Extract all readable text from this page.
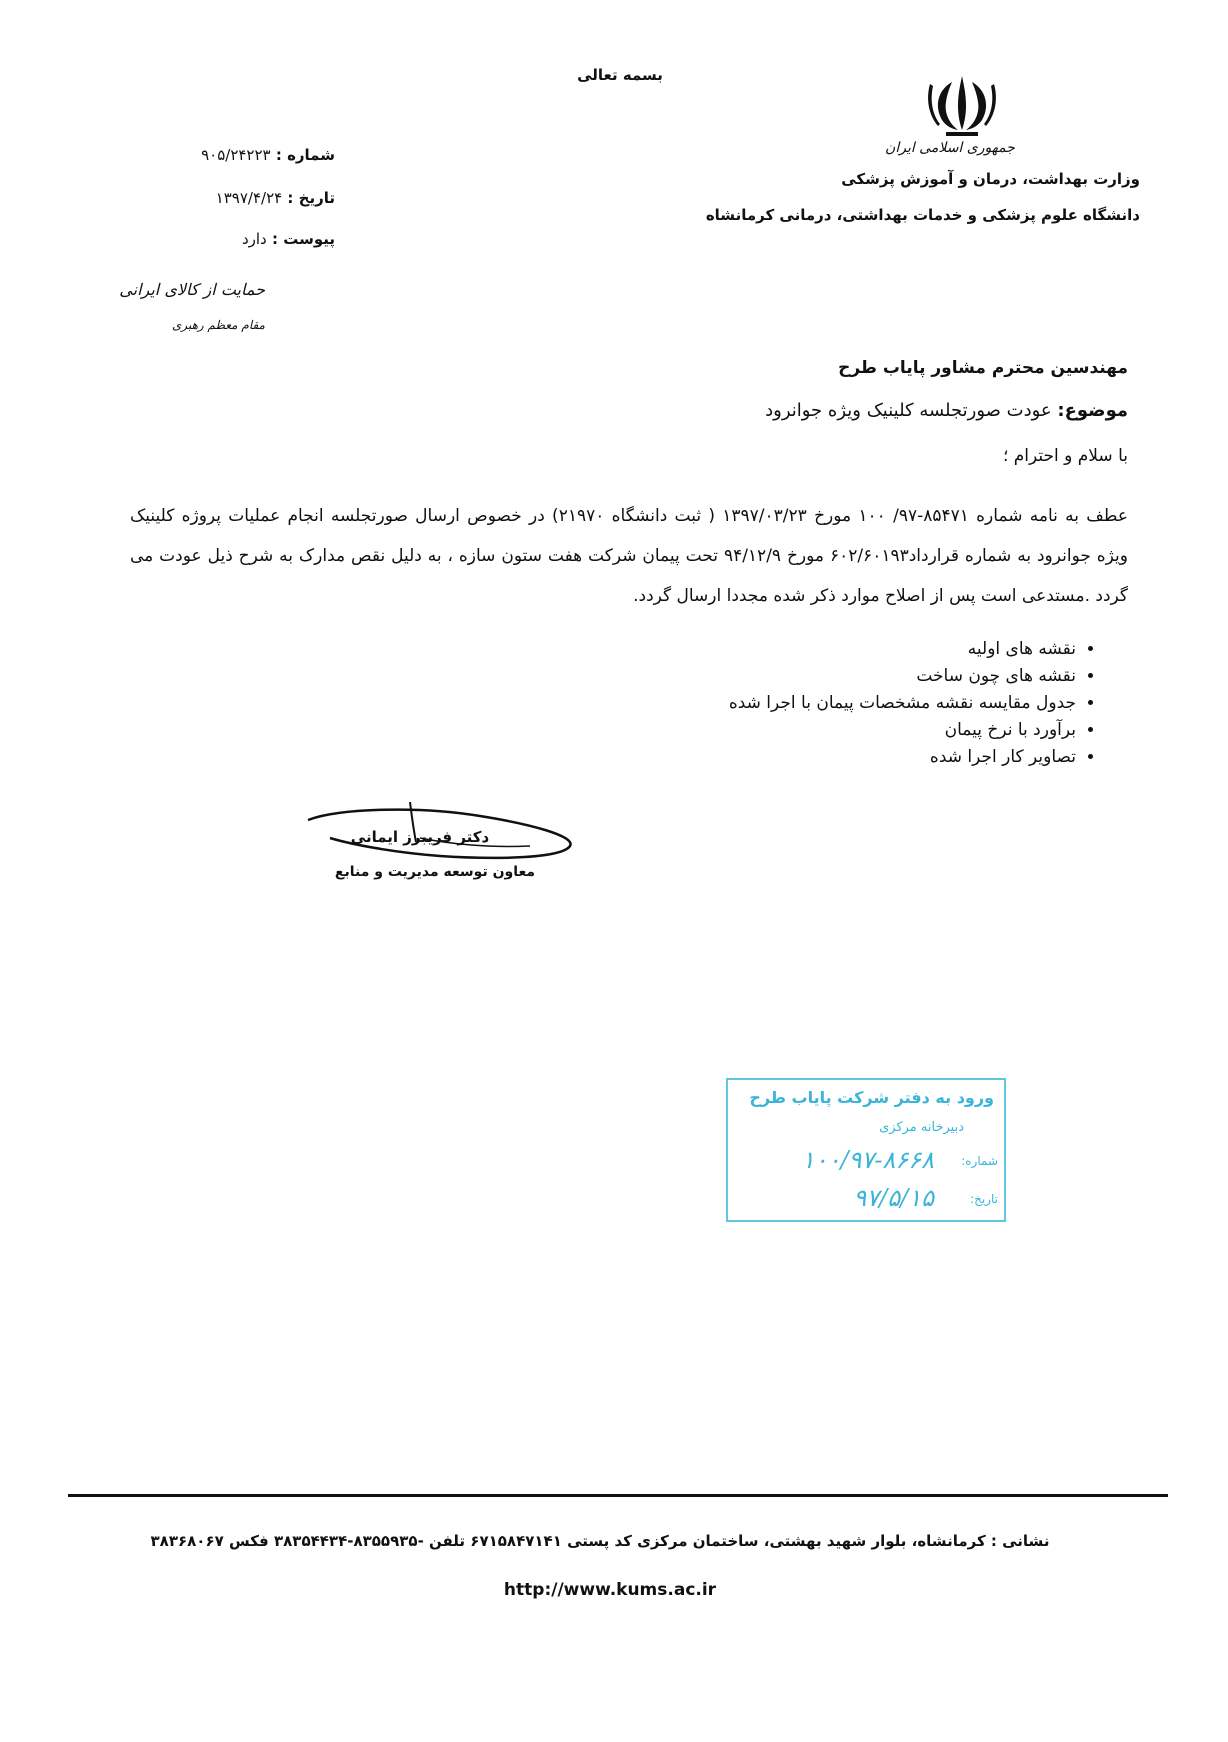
بسمه تعالی
جمهوری اسلامی ایران
وزارت بهداشت، درمان و آموزش پزشکی
دانشگاه علوم پزشکی و خدمات بهداشتی، درمانی کرمانشاه
شماره : ۹۰۵/۲۴۲۲۳
تاریخ : ۱۳۹۷/۴/۲۴
پیوست : دارد
حمایت از کالای ایرانی
مقام معظم رهبری
مهندسین محترم مشاور پایاب طرح
موضوع: عودت صورتجلسه کلینیک ویژه جوانرود
با سلام و احترام ؛
عطف به نامه شماره ۸۵۴۷۱-۹۷/ ۱۰۰ مورخ ۱۳۹۷/۰۳/۲۳ ( ثبت دانشگاه ۲۱۹۷۰) در خصوص ارسال صورتجلسه انجام عملیات پروژه کلینیک ویژه جوانرود به شماره قرارداد۶۰۲/۶۰۱۹۳ مورخ ۹۴/۱۲/۹ تحت پیمان شرکت هفت ستون سازه ، به دلیل نقص مدارک به شرح ذیل عودت می گردد .مستدعی است پس از اصلاح موارد ذکر شده مجددا ارسال گردد.
• نقشه های اولیه
• نقشه های چون ساخت
• جدول مقایسه نقشه مشخصات پیمان با اجرا شده
• برآورد با نرخ پیمان
• تصاویر کار اجرا شده
دکتر فریبرز ایمانی
معاون توسعه مدیریت و منابع
ورود به دفتر شرکت پایاب طرح
دبیرخانه مرکزی
شماره:
۱۰۰/۹۷-۸۶۶۸
تاریخ:
۹۷/۵/۱۵
نشانی : کرمانشاه، بلوار شهید بهشتی، ساختمان مرکزی کد پستی ۶۷۱۵۸۴۷۱۴۱ تلفن -۸۳۵۵۹۳۵-۳۸۳۵۴۴۳۴ فکس ۳۸۳۶۸۰۶۷
http://www.kums.ac.ir
